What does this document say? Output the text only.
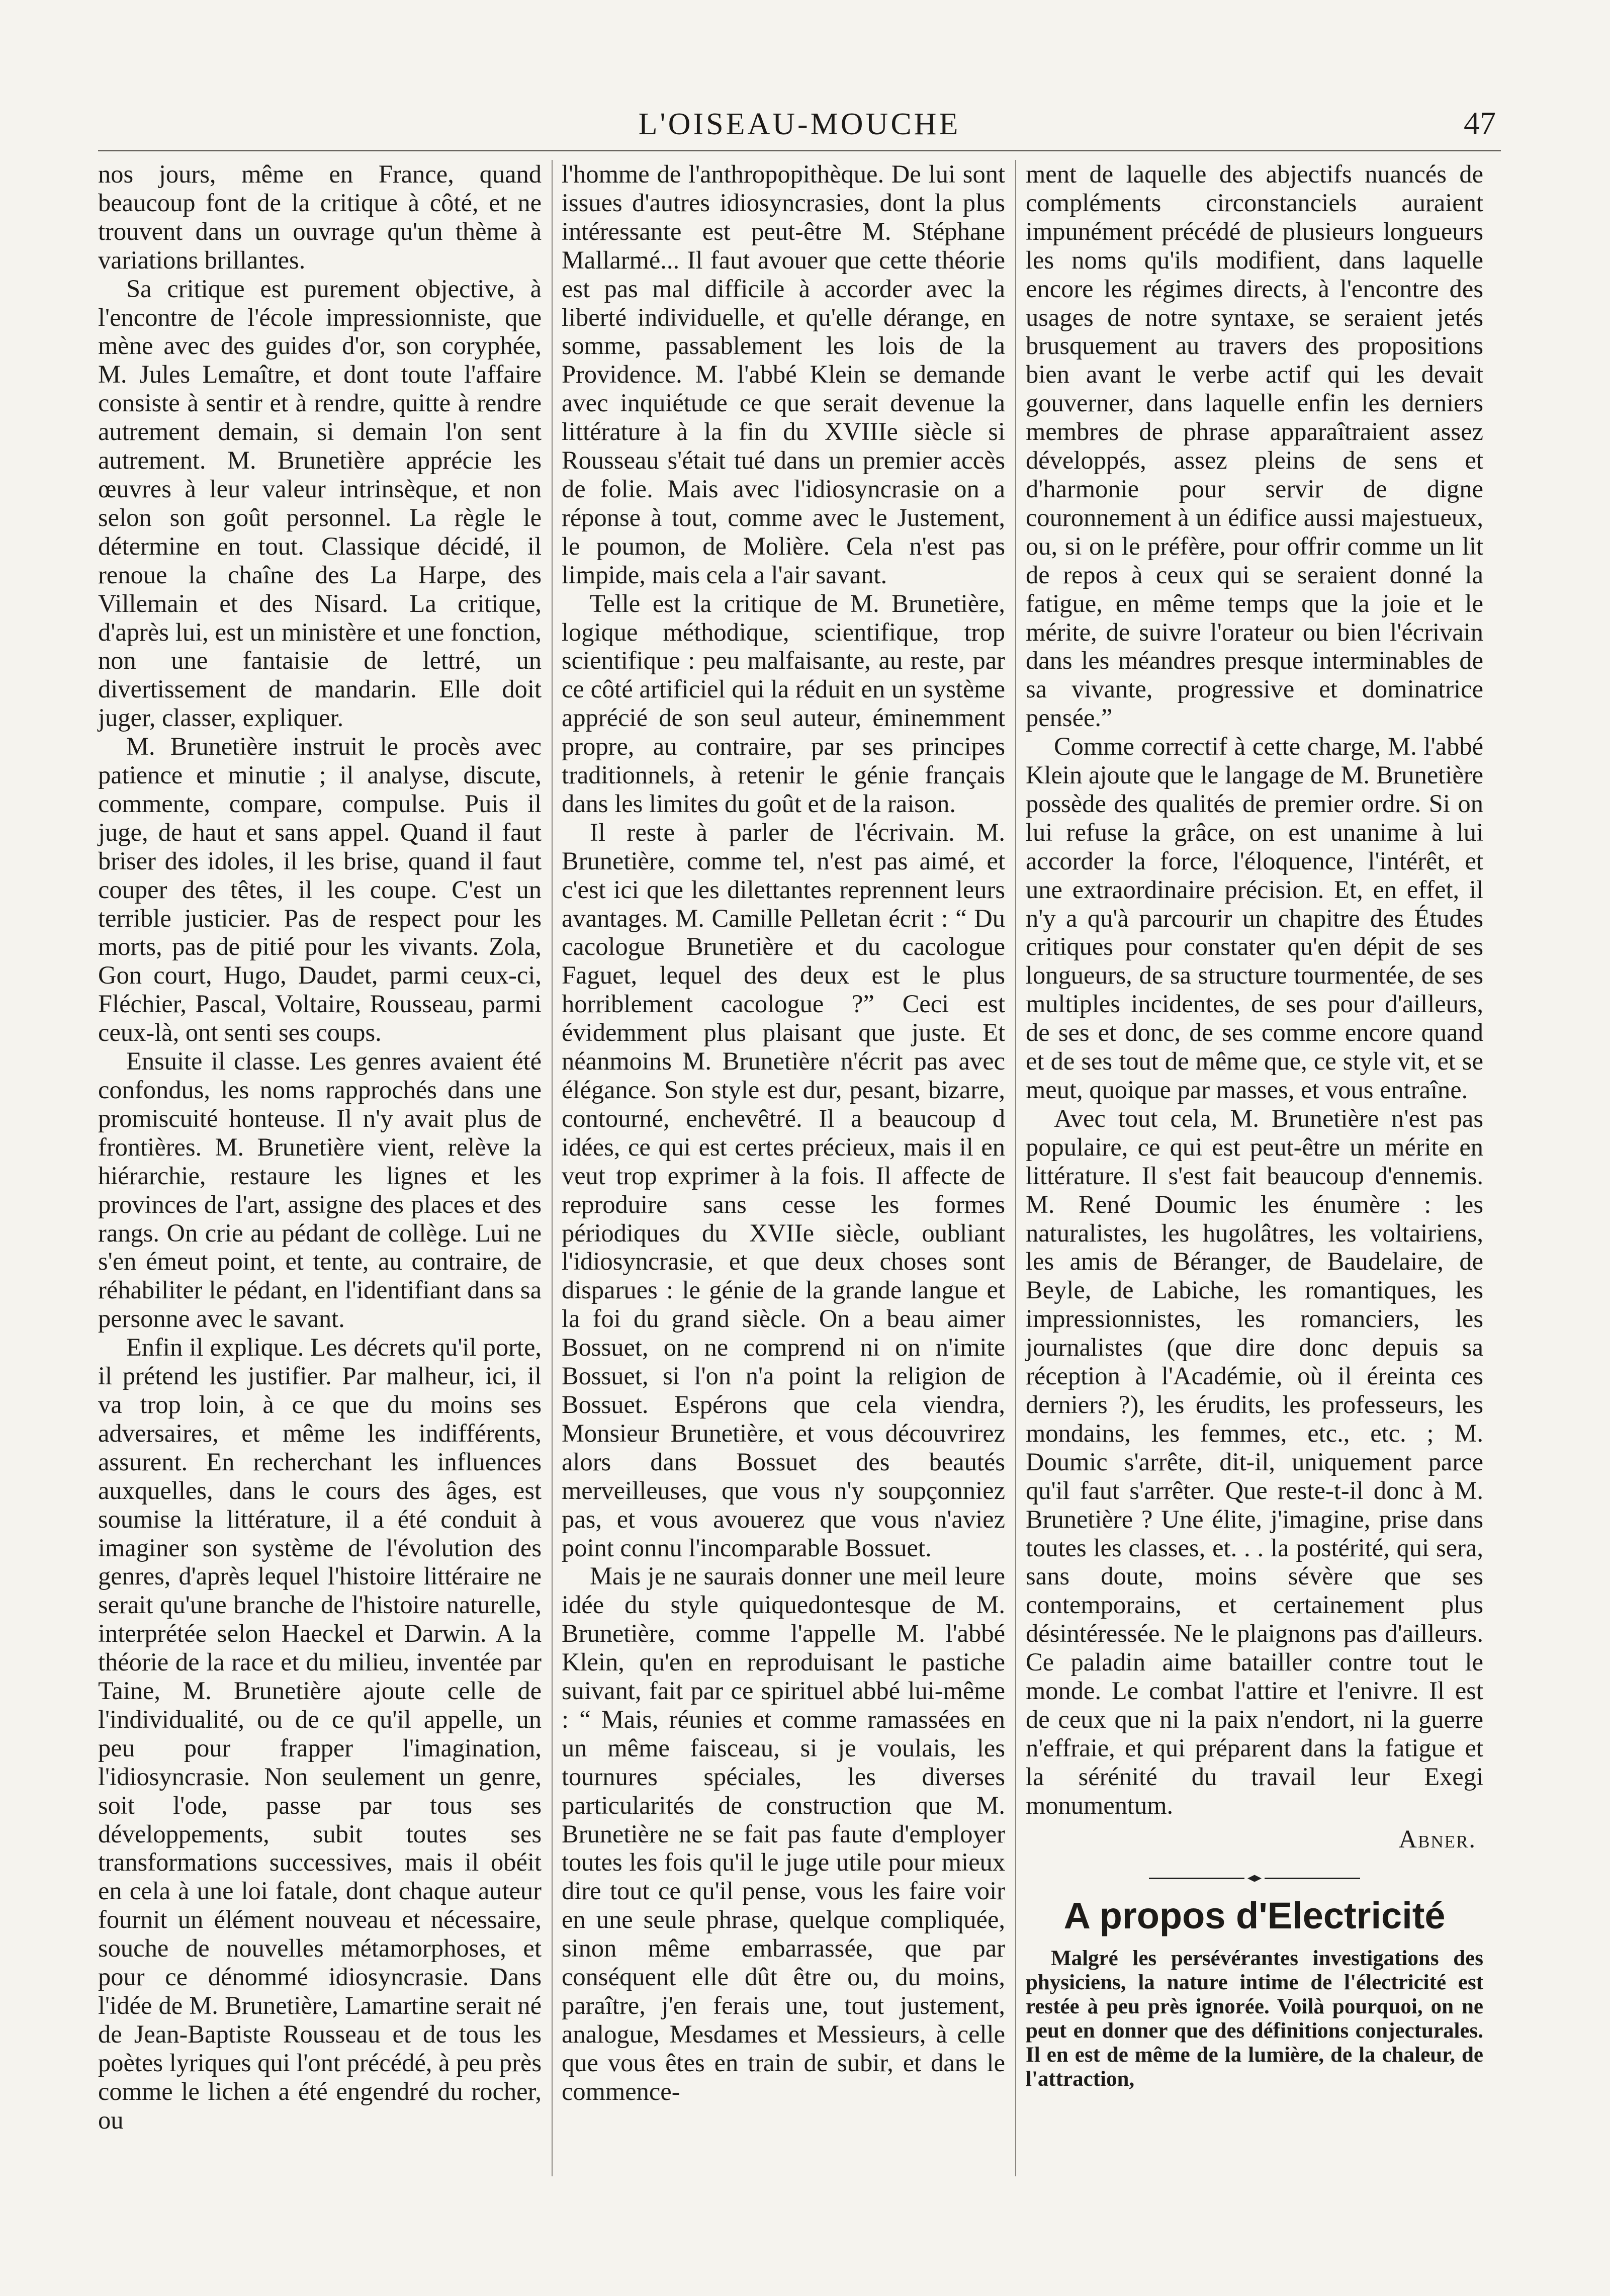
L'OISEAU-MOUCHE	47

nos jours, même en France, quand beaucoup font de la critique à côté, et ne trouvent dans un ouvrage qu'un thème à variations brillantes.

Sa critique est purement objective, à l'encontre de l'école impressionniste, que mène avec des guides d'or, son coryphée, M. Jules Lemaître, et dont toute l'affaire consiste à sentir et à rendre, quitte à rendre autrement demain, si demain l'on sent autrement. M. Brunetière apprécie les œuvres à leur valeur intrinsèque, et non selon son goût personnel. La règle le détermine en tout. Classique décidé, il renoue la chaîne des La Harpe, des Villemain et des Nisard. La critique, d'après lui, est un ministère et une fonction, non une fantaisie de lettré, un divertissement de mandarin. Elle doit juger, classer, expliquer.

M. Brunetière instruit le procès avec patience et minutie ; il analyse, discute, commente, compare, compulse. Puis il juge, de haut et sans appel. Quand il faut briser des idoles, il les brise, quand il faut couper des têtes, il les coupe. C'est un terrible justicier. Pas de respect pour les morts, pas de pitié pour les vivants. Zola, Gon court, Hugo, Daudet, parmi ceux-ci, Fléchier, Pascal, Voltaire, Rousseau, parmi ceux-là, ont senti ses coups.

Ensuite il classe. Les genres avaient été confondus, les noms rapprochés dans une promiscuité honteuse. Il n'y avait plus de frontières. M. Brunetière vient, relève la hiérarchie, restaure les lignes et les provinces de l'art, assigne des places et des rangs. On crie au pédant de collège. Lui ne s'en émeut point, et tente, au contraire, de réhabiliter le pédant, en l'identifiant dans sa personne avec le savant.

Enfin il explique. Les décrets qu'il porte, il prétend les justifier. Par malheur, ici, il va trop loin, à ce que du moins ses adversaires, et même les indifférents, assurent. En recherchant les influences auxquelles, dans le cours des âges, est soumise la littérature, il a été conduit à imaginer son système de l'évolution des genres, d'après lequel l'histoire littéraire ne serait qu'une branche de l'histoire naturelle, interprétée selon Haeckel et Darwin. A la théorie de la race et du milieu, inventée par Taine, M. Brunetière ajoute celle de l'individualité, ou de ce qu'il appelle, un peu pour frapper l'imagination, l'idiosyncrasie. Non seulement un genre, soit l'ode, passe par tous ses développements, subit toutes ses transformations successives, mais il obéit en cela à une loi fatale, dont chaque auteur fournit un élément nouveau et nécessaire, souche de nouvelles métamorphoses, et pour ce dénommé idiosyncrasie. Dans l'idée de M. Brunetière, Lamartine serait né de Jean-Baptiste Rousseau et de tous les poètes lyriques qui l'ont précédé, à peu près comme le lichen a été engendré du rocher, ou

l'homme de l'anthropopithèque. De lui sont issues d'autres idiosyncrasies, dont la plus intéressante est peut-être M. Stéphane Mallarmé... Il faut avouer que cette théorie est pas mal difficile à accorder avec la liberté individuelle, et qu'elle dérange, en somme, passablement les lois de la Providence. M. l'abbé Klein se demande avec inquiétude ce que serait devenue la littérature à la fin du XVIIIe siècle si Rousseau s'était tué dans un premier accès de folie. Mais avec l'idiosyncrasie on a réponse à tout, comme avec le Justement, le poumon, de Molière. Cela n'est pas limpide, mais cela a l'air savant.

Telle est la critique de M. Brunetière, logique méthodique, scientifique, trop scientifique : peu malfaisante, au reste, par ce côté artificiel qui la réduit en un système apprécié de son seul auteur, éminemment propre, au contraire, par ses principes traditionnels, à retenir le génie français dans les limites du goût et de la raison.

Il reste à parler de l'écrivain. M. Brunetière, comme tel, n'est pas aimé, et c'est ici que les dilettantes reprennent leurs avantages. M. Camille Pelletan écrit : “ Du cacologue Brunetière et du cacologue Faguet, lequel des deux est le plus horriblement cacologue ?” Ceci est évidemment plus plaisant que juste. Et néanmoins M. Brunetière n'écrit pas avec élégance. Son style est dur, pesant, bizarre, contourné, enchevêtré. Il a beaucoup d idées, ce qui est certes précieux, mais il en veut trop exprimer à la fois. Il affecte de reproduire sans cesse les formes périodiques du XVIIe siècle, oubliant l'idiosyncrasie, et que deux choses sont disparues : le génie de la grande langue et la foi du grand siècle. On a beau aimer Bossuet, on ne comprend ni on n'imite Bossuet, si l'on n'a point la religion de Bossuet. Espérons que cela viendra, Monsieur Brunetière, et vous découvrirez alors dans Bossuet des beautés merveilleuses, que vous n'y soupçonniez pas, et vous avouerez que vous n'aviez point connu l'incomparable Bossuet.

Mais je ne saurais donner une meil leure idée du style quiquedontesque de M. Brunetière, comme l'appelle M. l'abbé Klein, qu'en en reproduisant le pastiche suivant, fait par ce spirituel abbé lui-même : “ Mais, réunies et comme ramassées en un même faisceau, si je voulais, les tournures spéciales, les diverses particularités de construction que M. Brunetière ne se fait pas faute d'employer toutes les fois qu'il le juge utile pour mieux dire tout ce qu'il pense, vous les faire voir en une seule phrase, quelque compliquée, sinon même embarrassée, que par conséquent elle dût être ou, du moins, paraître, j'en ferais une, tout justement, analogue, Mesdames et Messieurs, à celle que vous êtes en train de subir, et dans le commence-

ment de laquelle des abjectifs nuancés de compléments circonstanciels auraient impunément précédé de plusieurs longueurs les noms qu'ils modifient, dans laquelle encore les régimes directs, à l'encontre des usages de notre syntaxe, se seraient jetés brusquement au travers des propositions bien avant le verbe actif qui les devait gouverner, dans laquelle enfin les derniers membres de phrase apparaîtraient assez développés, assez pleins de sens et d'harmonie pour servir de digne couronnement à un édifice aussi majestueux, ou, si on le préfère, pour offrir comme un lit de repos à ceux qui se seraient donné la fatigue, en même temps que la joie et le mérite, de suivre l'orateur ou bien l'écrivain dans les méandres presque interminables de sa vivante, progressive et dominatrice pensée.”

Comme correctif à cette charge, M. l'abbé Klein ajoute que le langage de M. Brunetière possède des qualités de premier ordre. Si on lui refuse la grâce, on est unanime à lui accorder la force, l'éloquence, l'intérêt, et une extraordinaire précision. Et, en effet, il n'y a qu'à parcourir un chapitre des Études critiques pour constater qu'en dépit de ses longueurs, de sa structure tourmentée, de ses multiples incidentes, de ses pour d'ailleurs, de ses et donc, de ses comme encore quand et de ses tout de même que, ce style vit, et se meut, quoique par masses, et vous entraîne.

Avec tout cela, M. Brunetière n'est pas populaire, ce qui est peut-être un mérite en littérature. Il s'est fait beaucoup d'ennemis. M. René Doumic les énumère : les naturalistes, les hugolâtres, les voltairiens, les amis de Béranger, de Baudelaire, de Beyle, de Labiche, les romantiques, les impressionnistes, les romanciers, les journalistes (que dire donc depuis sa réception à l'Académie, où il éreinta ces derniers ?), les érudits, les professeurs, les mondains, les femmes, etc., etc. ; M. Doumic s'arrête, dit-il, uniquement parce qu'il faut s'arrêter. Que reste-t-il donc à M. Brunetière ? Une élite, j'imagine, prise dans toutes les classes, et. . . la postérité, qui sera, sans doute, moins sévère que ses contemporains, et certainement plus désintéressée. Ne le plaignons pas d'ailleurs. Ce paladin aime batailler contre tout le monde. Le combat l'attire et l'enivre. Il est de ceux que ni la paix n'endort, ni la guerre n'effraie, et qui préparent dans la fatigue et la sérénité du travail leur Exegi monumentum.

Abner.

A propos d'Electricité

Malgré les persévérantes investigations des physiciens, la nature intime de l'électricité est restée à peu près ignorée. Voilà pourquoi, on ne peut en donner que des définitions conjecturales. Il en est de même de la lumière, de la chaleur, de l'attraction,
